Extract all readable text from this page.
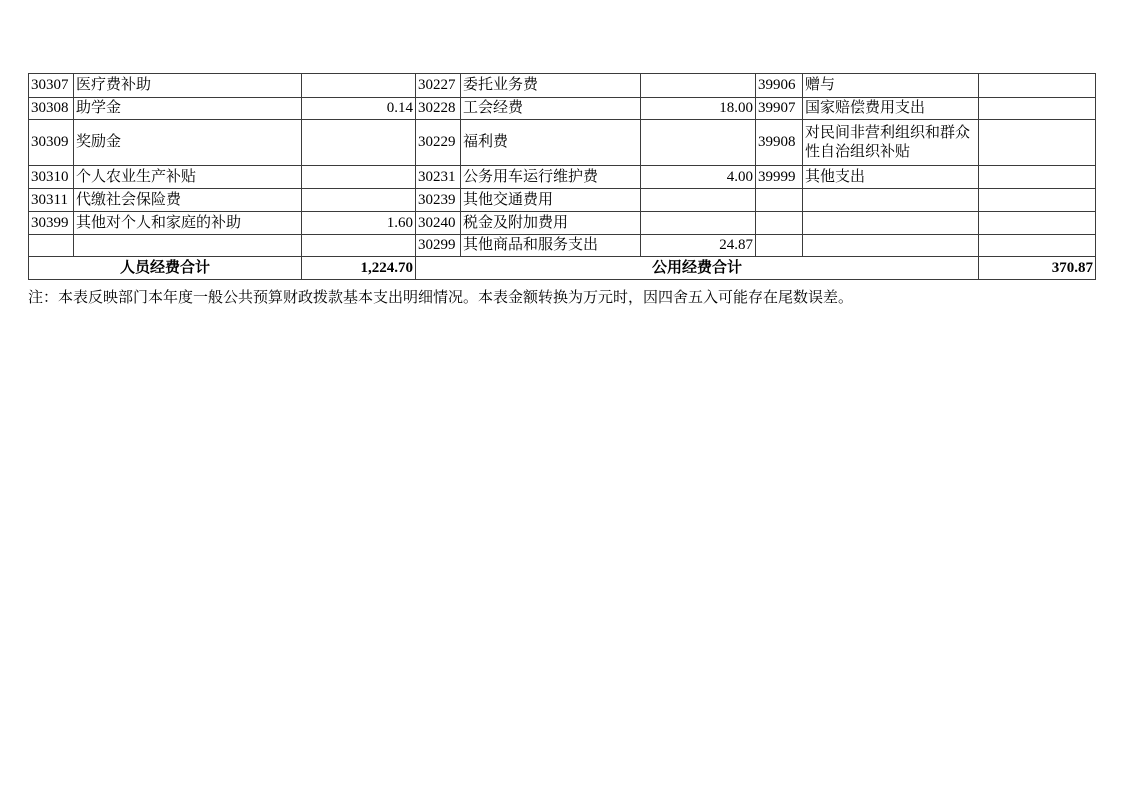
30307	医疗费补助		30227	委托业务费		39906	赠与	
30308	助学金	0.14	30228	工会经费	18.00	39907	国家赔偿费用支出	
30309	奖励金		30229	福利费		39908	对民间非营利组织和群众性自治组织补贴	
30310	个人农业生产补贴		30231	公务用车运行维护费	4.00	39999	其他支出	
30311	代缴社会保险费		30239	其他交通费用				
30399	其他对个人和家庭的补助	1.60	30240	税金及附加费用				
			30299	其他商品和服务支出	24.87			
人员经费合计		1,224.70	公用经费合计					370.87
注：本表反映部门本年度一般公共预算财政拨款基本支出明细情况。本表金额转换为万元时，因四舍五入可能存在尾数误差。
